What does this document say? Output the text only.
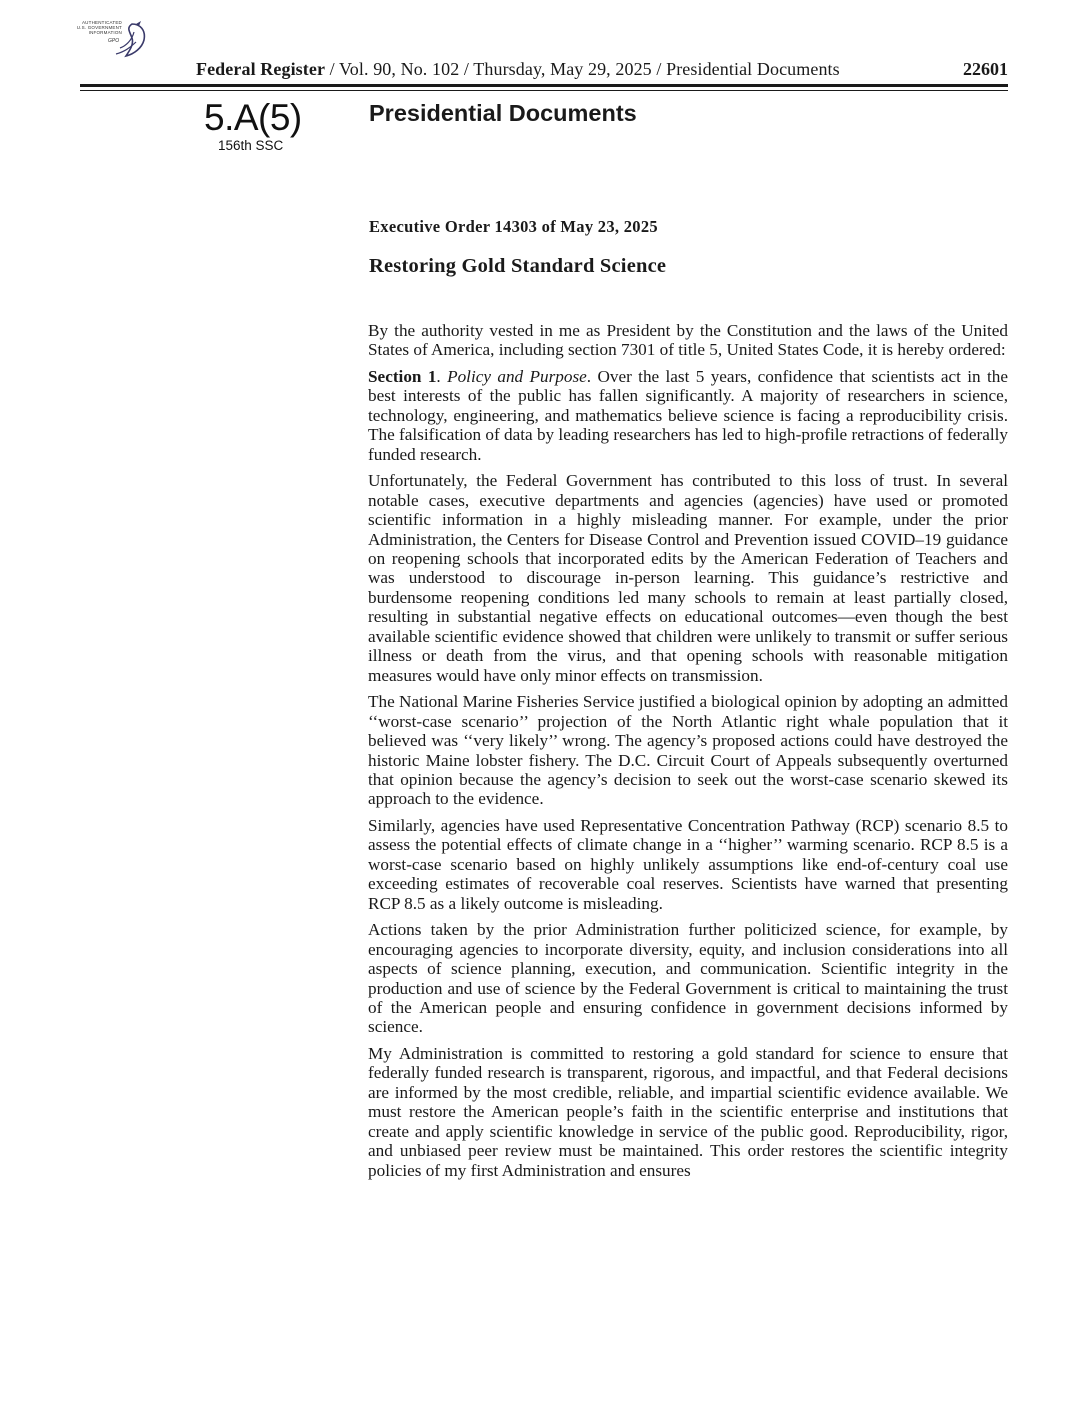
AUTHENTICATED
U.S. GOVERNMENT
INFORMATION
GPO
Federal Register / Vol. 90, No. 102 / Thursday, May 29, 2025 / Presidential Documents	22601
5.A(5)
156th SSC
Presidential Documents
Executive Order 14303 of May 23, 2025
Restoring Gold Standard Science

By the authority vested in me as President by the Constitution and the laws of the United States of America, including section 7301 of title 5, United States Code, it is hereby ordered:

Section 1. Policy and Purpose. Over the last 5 years, confidence that scientists act in the best interests of the public has fallen significantly. A majority of researchers in science, technology, engineering, and mathematics believe science is facing a reproducibility crisis. The falsification of data by leading researchers has led to high-profile retractions of federally funded research.

Unfortunately, the Federal Government has contributed to this loss of trust. In several notable cases, executive departments and agencies (agencies) have used or promoted scientific information in a highly misleading manner. For example, under the prior Administration, the Centers for Disease Control and Prevention issued COVID–19 guidance on reopening schools that incorporated edits by the American Federation of Teachers and was understood to discourage in-person learning. This guidance’s restrictive and burdensome reopening conditions led many schools to remain at least partially closed, resulting in substantial negative effects on educational outcomes—even though the best available scientific evidence showed that children were unlikely to transmit or suffer serious illness or death from the virus, and that opening schools with reasonable mitigation measures would have only minor effects on transmission.

The National Marine Fisheries Service justified a biological opinion by adopting an admitted ‘‘worst-case scenario’’ projection of the North Atlantic right whale population that it believed was ‘‘very likely’’ wrong. The agency’s proposed actions could have destroyed the historic Maine lobster fishery. The D.C. Circuit Court of Appeals subsequently overturned that opinion because the agency’s decision to seek out the worst-case scenario skewed its approach to the evidence.

Similarly, agencies have used Representative Concentration Pathway (RCP) scenario 8.5 to assess the potential effects of climate change in a ‘‘higher’’ warming scenario. RCP 8.5 is a worst-case scenario based on highly unlikely assumptions like end-of-century coal use exceeding estimates of recoverable coal reserves. Scientists have warned that presenting RCP 8.5 as a likely outcome is misleading.

Actions taken by the prior Administration further politicized science, for example, by encouraging agencies to incorporate diversity, equity, and inclusion considerations into all aspects of science planning, execution, and communication. Scientific integrity in the production and use of science by the Federal Government is critical to maintaining the trust of the American people and ensuring confidence in government decisions informed by science.

My Administration is committed to restoring a gold standard for science to ensure that federally funded research is transparent, rigorous, and impactful, and that Federal decisions are informed by the most credible, reliable, and impartial scientific evidence available. We must restore the American people’s faith in the scientific enterprise and institutions that create and apply scientific knowledge in service of the public good. Reproducibility, rigor, and unbiased peer review must be maintained. This order restores the scientific integrity policies of my first Administration and ensures
